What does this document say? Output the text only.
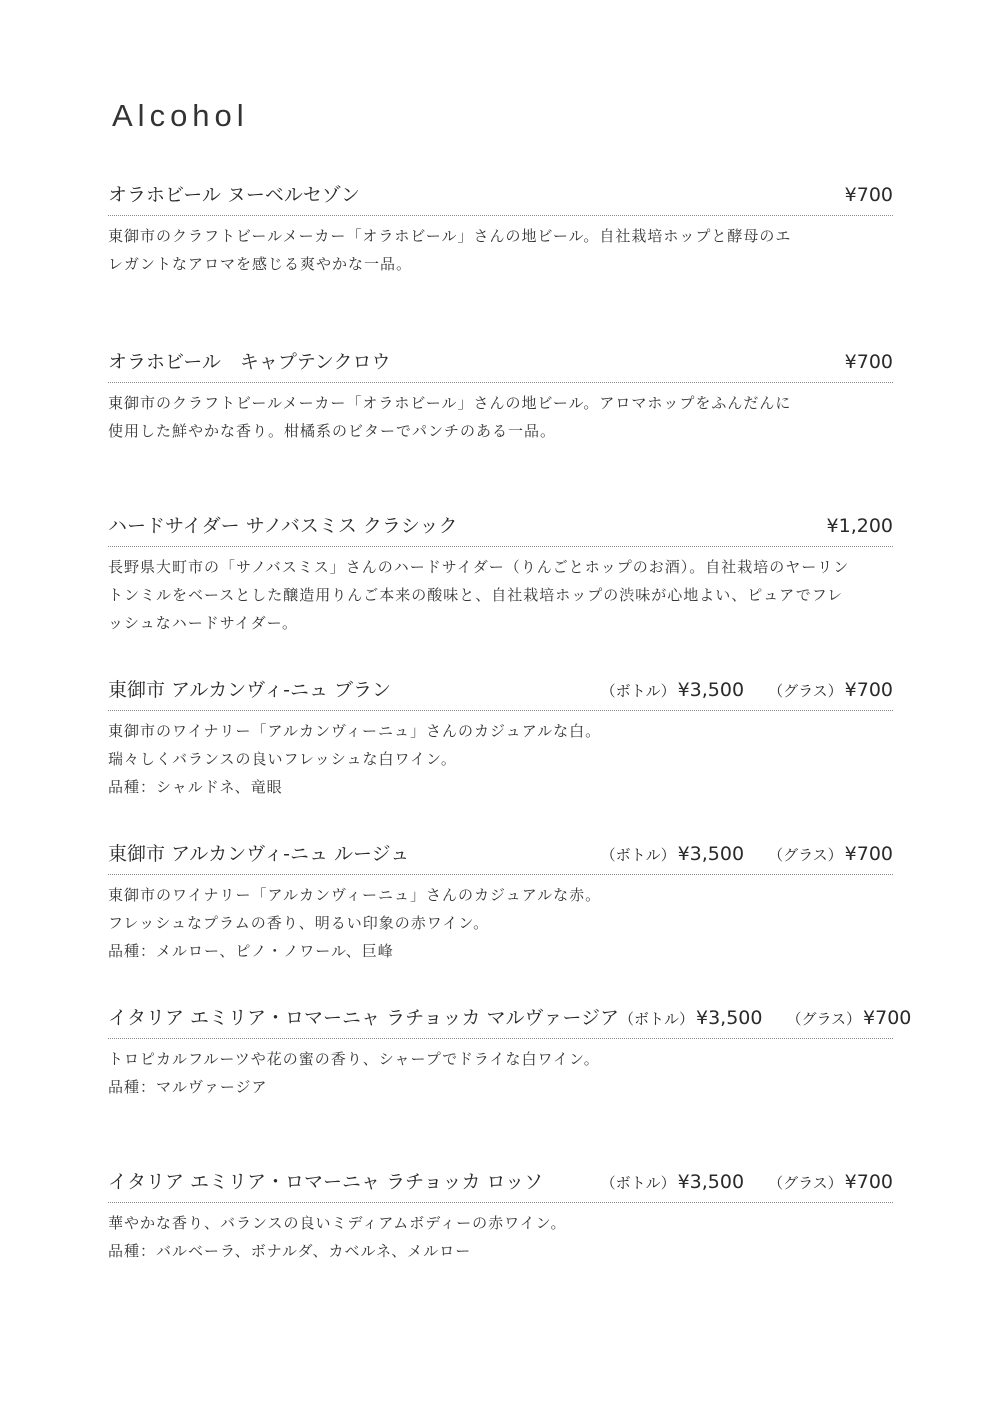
Alcohol
オラホビール ヌーベルセゾン	¥700
東御市のクラフトビールメーカー「オラホビール」さんの地ビール。自社栽培ホップと酵母のエ
レガントなアロマを感じる爽やかな一品。
オラホビール　キャプテンクロウ	¥700
東御市のクラフトビールメーカー「オラホビール」さんの地ビール。アロマホップをふんだんに
使用した鮮やかな香り。柑橘系のビターでパンチのある一品。
ハードサイダー サノバスミス クラシック	¥1,200
長野県大町市の「サノバスミス」さんのハードサイダー（りんごとホップのお酒）。自社栽培のヤーリン
トンミルをベースとした醸造用りんご本来の酸味と、自社栽培ホップの渋味が心地よい、ピュアでフレ
ッシュなハードサイダー。
東御市 アルカンヴィ-ニュ ブラン	（ボトル） ¥3,500 （グラス） ¥700
東御市のワイナリー「アルカンヴィーニュ」さんのカジュアルな白。
瑞々しくバランスの良いフレッシュな白ワイン。
品種：シャルドネ、竜眼
東御市 アルカンヴィ-ニュ ルージュ	（ボトル） ¥3,500 （グラス） ¥700
東御市のワイナリー「アルカンヴィーニュ」さんのカジュアルな赤。
フレッシュなプラムの香り、明るい印象の赤ワイン。
品種：メルロー、ピノ・ノワール、巨峰
イタリア エミリア・ロマーニャ ラチョッカ マルヴァージア （ボトル） ¥3,500 （グラス） ¥700
トロピカルフルーツや花の蜜の香り、シャープでドライな白ワイン。
品種：マルヴァージア
イタリア エミリア・ロマーニャ ラチョッカ ロッソ	（ボトル） ¥3,500 （グラス） ¥700
華やかな香り、バランスの良いミディアムボディーの赤ワイン。
品種：バルベーラ、ボナルダ、カベルネ、メルロー
